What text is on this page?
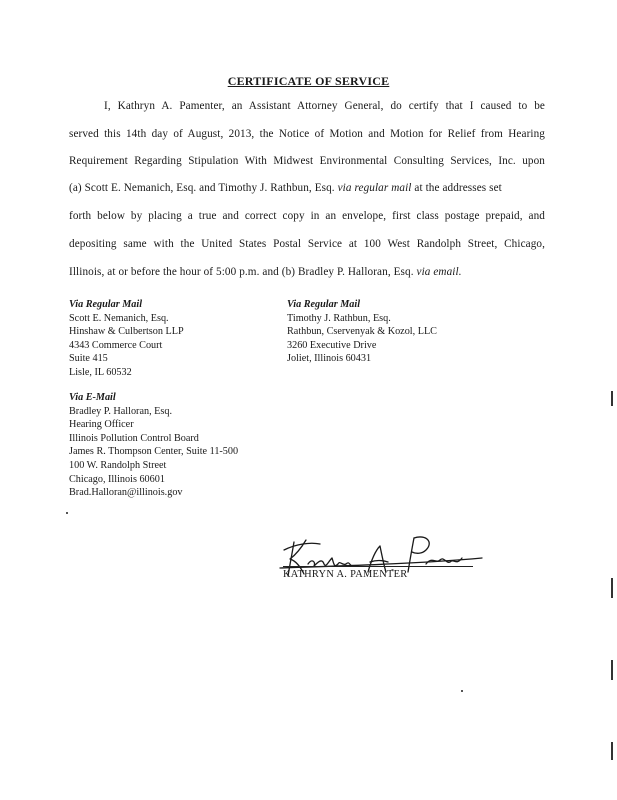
CERTIFICATE OF SERVICE
I, Kathryn A. Pamenter, an Assistant Attorney General, do certify that I caused to be
served this 14th day of August, 2013, the Notice of Motion and Motion for Relief from Hearing
Requirement Regarding Stipulation With Midwest Environmental Consulting Services, Inc. upon
(a) Scott E. Nemanich, Esq. and Timothy J. Rathbun, Esq. via regular mail at the addresses set
forth below by placing a true and correct copy in an envelope, first class postage prepaid, and
depositing same with the United States Postal Service at 100 West Randolph Street, Chicago,
Illinois, at or before the hour of 5:00 p.m. and (b) Bradley P. Halloran, Esq. via email.
Via Regular Mail
Scott E. Nemanich, Esq.
Hinshaw & Culbertson LLP
4343 Commerce Court
Suite 415
Lisle, IL 60532
Via Regular Mail
Timothy J. Rathbun, Esq.
Rathbun, Cservenyak & Kozol, LLC
3260 Executive Drive
Joliet, Illinois 60431
Via E-Mail
Bradley P. Halloran, Esq.
Hearing Officer
Illinois Pollution Control Board
James R. Thompson Center, Suite 11-500
100 W. Randolph Street
Chicago, Illinois 60601
Brad.Halloran@illinois.gov
KATHRYN A. PAMENTER
